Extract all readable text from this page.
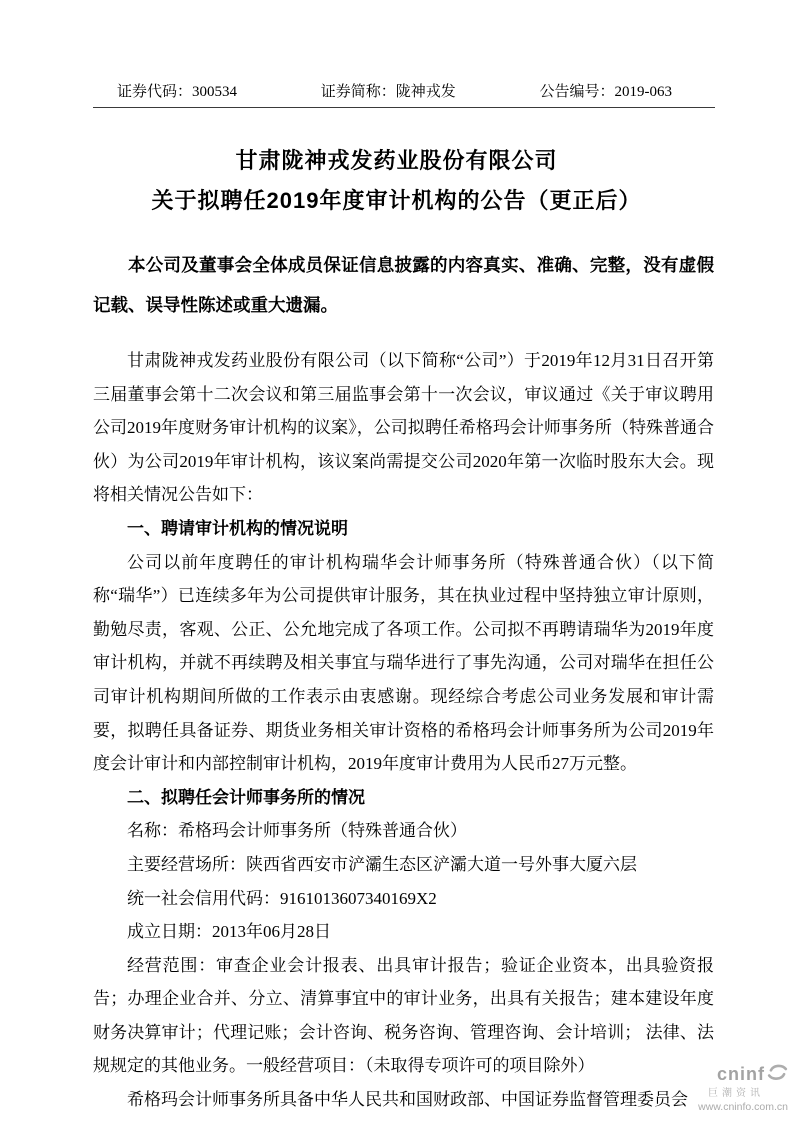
证券代码：300534	证券简称：陇神戎发	公告编号：2019-063
甘肃陇神戎发药业股份有限公司
关于拟聘任2019年度审计机构的公告（更正后）
本公司及董事会全体成员保证信息披露的内容真实、准确、完整，没有虚假记载、误导性陈述或重大遗漏。

甘肃陇神戎发药业股份有限公司（以下简称“公司”）于2019年12月31日召开第三届董事会第十二次会议和第三届监事会第十一次会议，审议通过《关于审议聘用公司2019年度财务审计机构的议案》，公司拟聘任希格玛会计师事务所（特殊普通合伙）为公司2019年审计机构，该议案尚需提交公司2020年第一次临时股东大会。现将相关情况公告如下：

一、聘请审计机构的情况说明

公司以前年度聘任的审计机构瑞华会计师事务所（特殊普通合伙）（以下简称“瑞华”）已连续多年为公司提供审计服务，其在执业过程中坚持独立审计原则，勤勉尽责，客观、公正、公允地完成了各项工作。公司拟不再聘请瑞华为2019年度审计机构，并就不再续聘及相关事宜与瑞华进行了事先沟通，公司对瑞华在担任公司审计机构期间所做的工作表示由衷感谢。现经综合考虑公司业务发展和审计需要，拟聘任具备证券、期货业务相关审计资格的希格玛会计师事务所为公司2019年度会计审计和内部控制审计机构，2019年度审计费用为人民币27万元整。

二、拟聘任会计师事务所的情况

名称：希格玛会计师事务所（特殊普通合伙）

主要经营场所：陕西省西安市浐灞生态区浐灞大道一号外事大厦六层

统一社会信用代码：9161013607340169X2

成立日期：2013年06月28日

经营范围：审查企业会计报表、出具审计报告；验证企业资本，出具验资报告；办理企业合并、分立、清算事宜中的审计业务，出具有关报告；建本建设年度财务决算审计；代理记账；会计咨询、税务咨询、管理咨询、会计培训； 法律、法规规定的其他业务。一般经营项目：（未取得专项许可的项目除外）

希格玛会计师事务所具备中华人民共和国财政部、中国证券监督管理委员会

cninf
巨潮资讯
www.cninfo.com.cn
